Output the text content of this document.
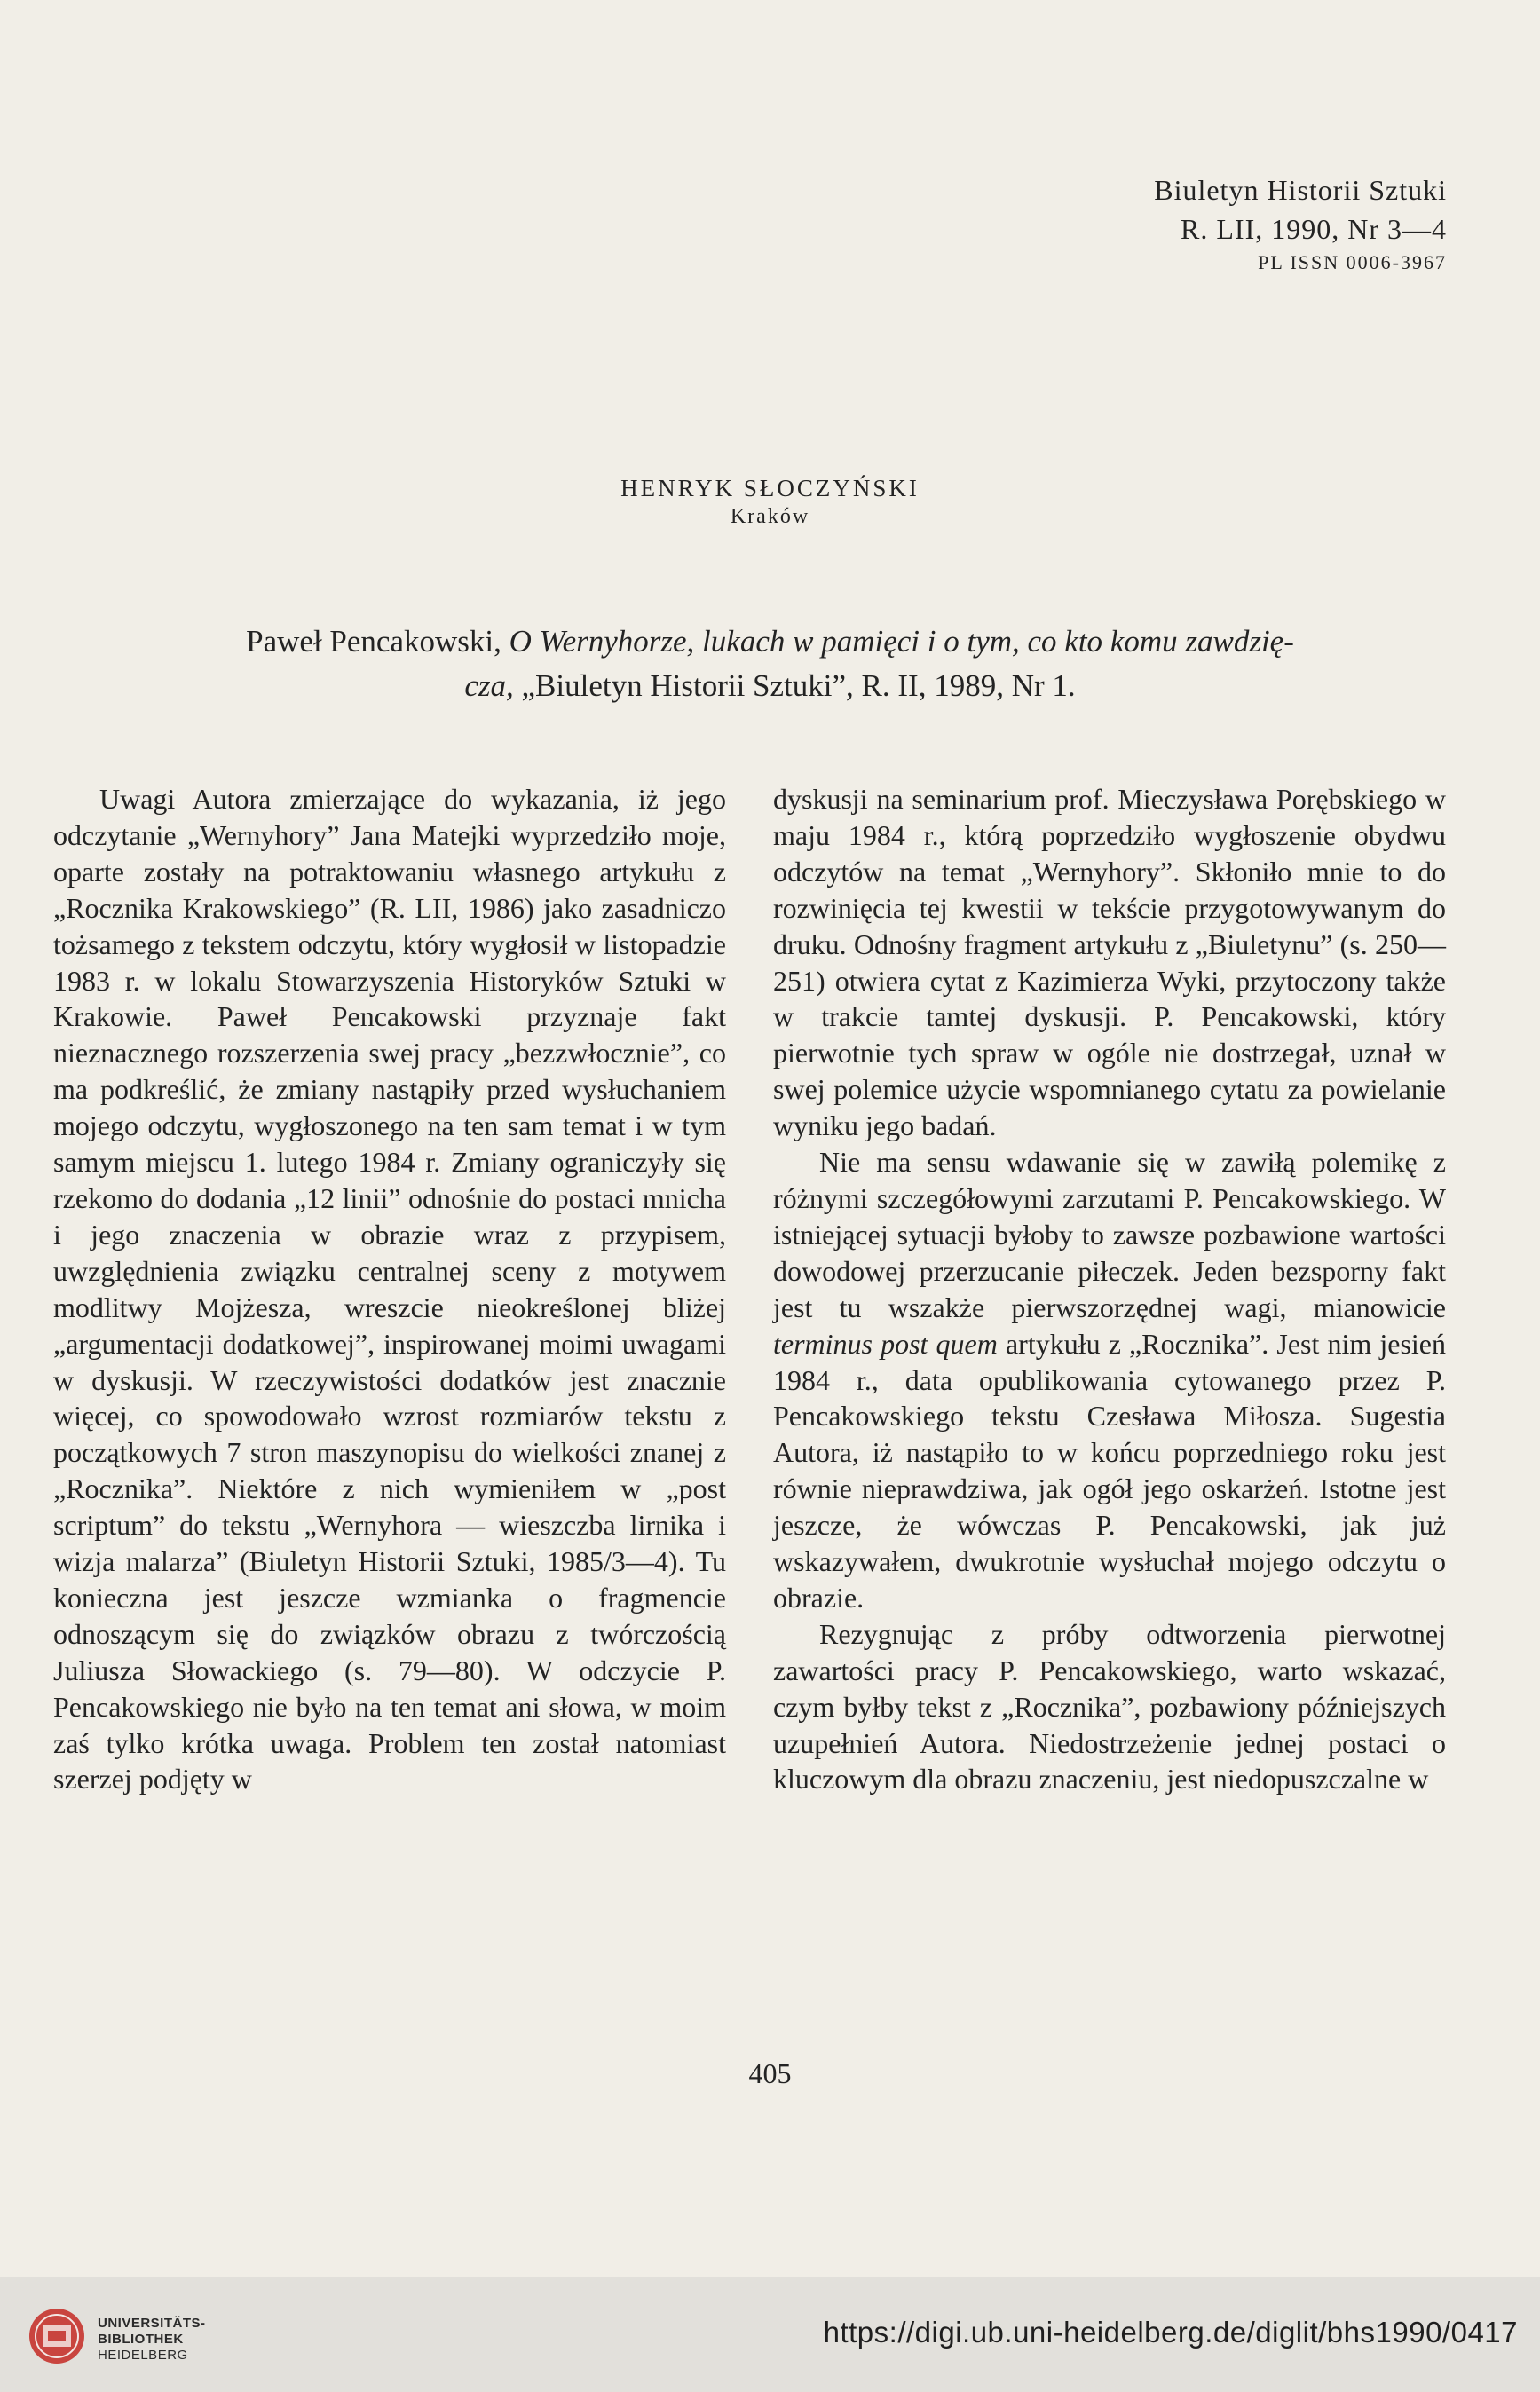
Biuletyn Historii Sztuki
R. LII, 1990, Nr 3—4
PL ISSN 0006-3967
HENRYK SŁOCZYŃSKI
Kraków
Paweł Pencakowski, O Wernyhorze, lukach w pamięci i o tym, co kto komu zawdzię-
cza, „Biuletyn Historii Sztuki”, R. II, 1989, Nr 1.

Uwagi Autora zmierzające do wykazania, iż jego odczytanie „Wernyhory” Jana Matejki wyprzedziło moje, oparte zostały na potraktowaniu własnego artykułu z „Rocznika Krakowskiego” (R. LII, 1986) jako zasadniczo tożsamego z tekstem odczytu, który wygłosił w listopadzie 1983 r. w lokalu Stowarzyszenia Historyków Sztuki w Krakowie. Paweł Pencakowski przyznaje fakt nieznacznego rozszerzenia swej pracy „bezzwłocznie”, co ma podkreślić, że zmiany nastąpiły przed wysłuchaniem mojego odczytu, wygłoszonego na ten sam temat i w tym samym miejscu 1. lutego 1984 r. Zmiany ograniczyły się rzekomo do dodania „12 linii” odnośnie do postaci mnicha i jego znaczenia w obrazie wraz z przypisem, uwzględnienia związku centralnej sceny z motywem modlitwy Mojżesza, wreszcie nieokreślonej bliżej „argumentacji dodatkowej”, inspirowanej moimi uwagami w dyskusji. W rzeczywistości dodatków jest znacznie więcej, co spowodowało wzrost rozmiarów tekstu z początkowych 7 stron maszynopisu do wielkości znanej z „Rocznika”. Niektóre z nich wymieniłem w „post scriptum” do tekstu „Wernyhora — wieszczba lirnika i wizja malarza” (Biuletyn Historii Sztuki, 1985/3—4). Tu konieczna jest jeszcze wzmianka o fragmencie odnoszącym się do związków obrazu z twórczością Juliusza Słowackiego (s. 79—80). W odczycie P. Pencakowskiego nie było na ten temat ani słowa, w moim zaś tylko krótka uwaga. Problem ten został natomiast szerzej podjęty w

dyskusji na seminarium prof. Mieczysława Porębskiego w maju 1984 r., którą poprzedziło wygłoszenie obydwu odczytów na temat „Wernyhory”. Skłoniło mnie to do rozwinięcia tej kwestii w tekście przygotowywanym do druku. Odnośny fragment artykułu z „Biuletynu” (s. 250—251) otwiera cytat z Kazimierza Wyki, przytoczony także w trakcie tamtej dyskusji. P. Pencakowski, który pierwotnie tych spraw w ogóle nie dostrzegał, uznał w swej polemice użycie wspomnianego cytatu za powielanie wyniku jego badań.

Nie ma sensu wdawanie się w zawiłą polemikę z różnymi szczegółowymi zarzutami P. Pencakowskiego. W istniejącej sytuacji byłoby to zawsze pozbawione wartości dowodowej przerzucanie piłeczek. Jeden bezsporny fakt jest tu wszakże pierwszorzędnej wagi, mianowicie terminus post quem artykułu z „Rocznika”. Jest nim jesień 1984 r., data opublikowania cytowanego przez P. Pencakowskiego tekstu Czesława Miłosza. Sugestia Autora, iż nastąpiło to w końcu poprzedniego roku jest równie nieprawdziwa, jak ogół jego oskarżeń. Istotne jest jeszcze, że wówczas P. Pencakowski, jak już wskazywałem, dwukrotnie wysłuchał mojego odczytu o obrazie.

Rezygnując z próby odtworzenia pierwotnej zawartości pracy P. Pencakowskiego, warto wskazać, czym byłby tekst z „Rocznika”, pozbawiony późniejszych uzupełnień Autora. Niedostrzeżenie jednej postaci o kluczowym dla obrazu znaczeniu, jest niedopuszczalne w

405
UNIVERSITÄTS-
BIBLIOTHEK
HEIDELBERG
https://digi.ub.uni-heidelberg.de/diglit/bhs1990/0417
